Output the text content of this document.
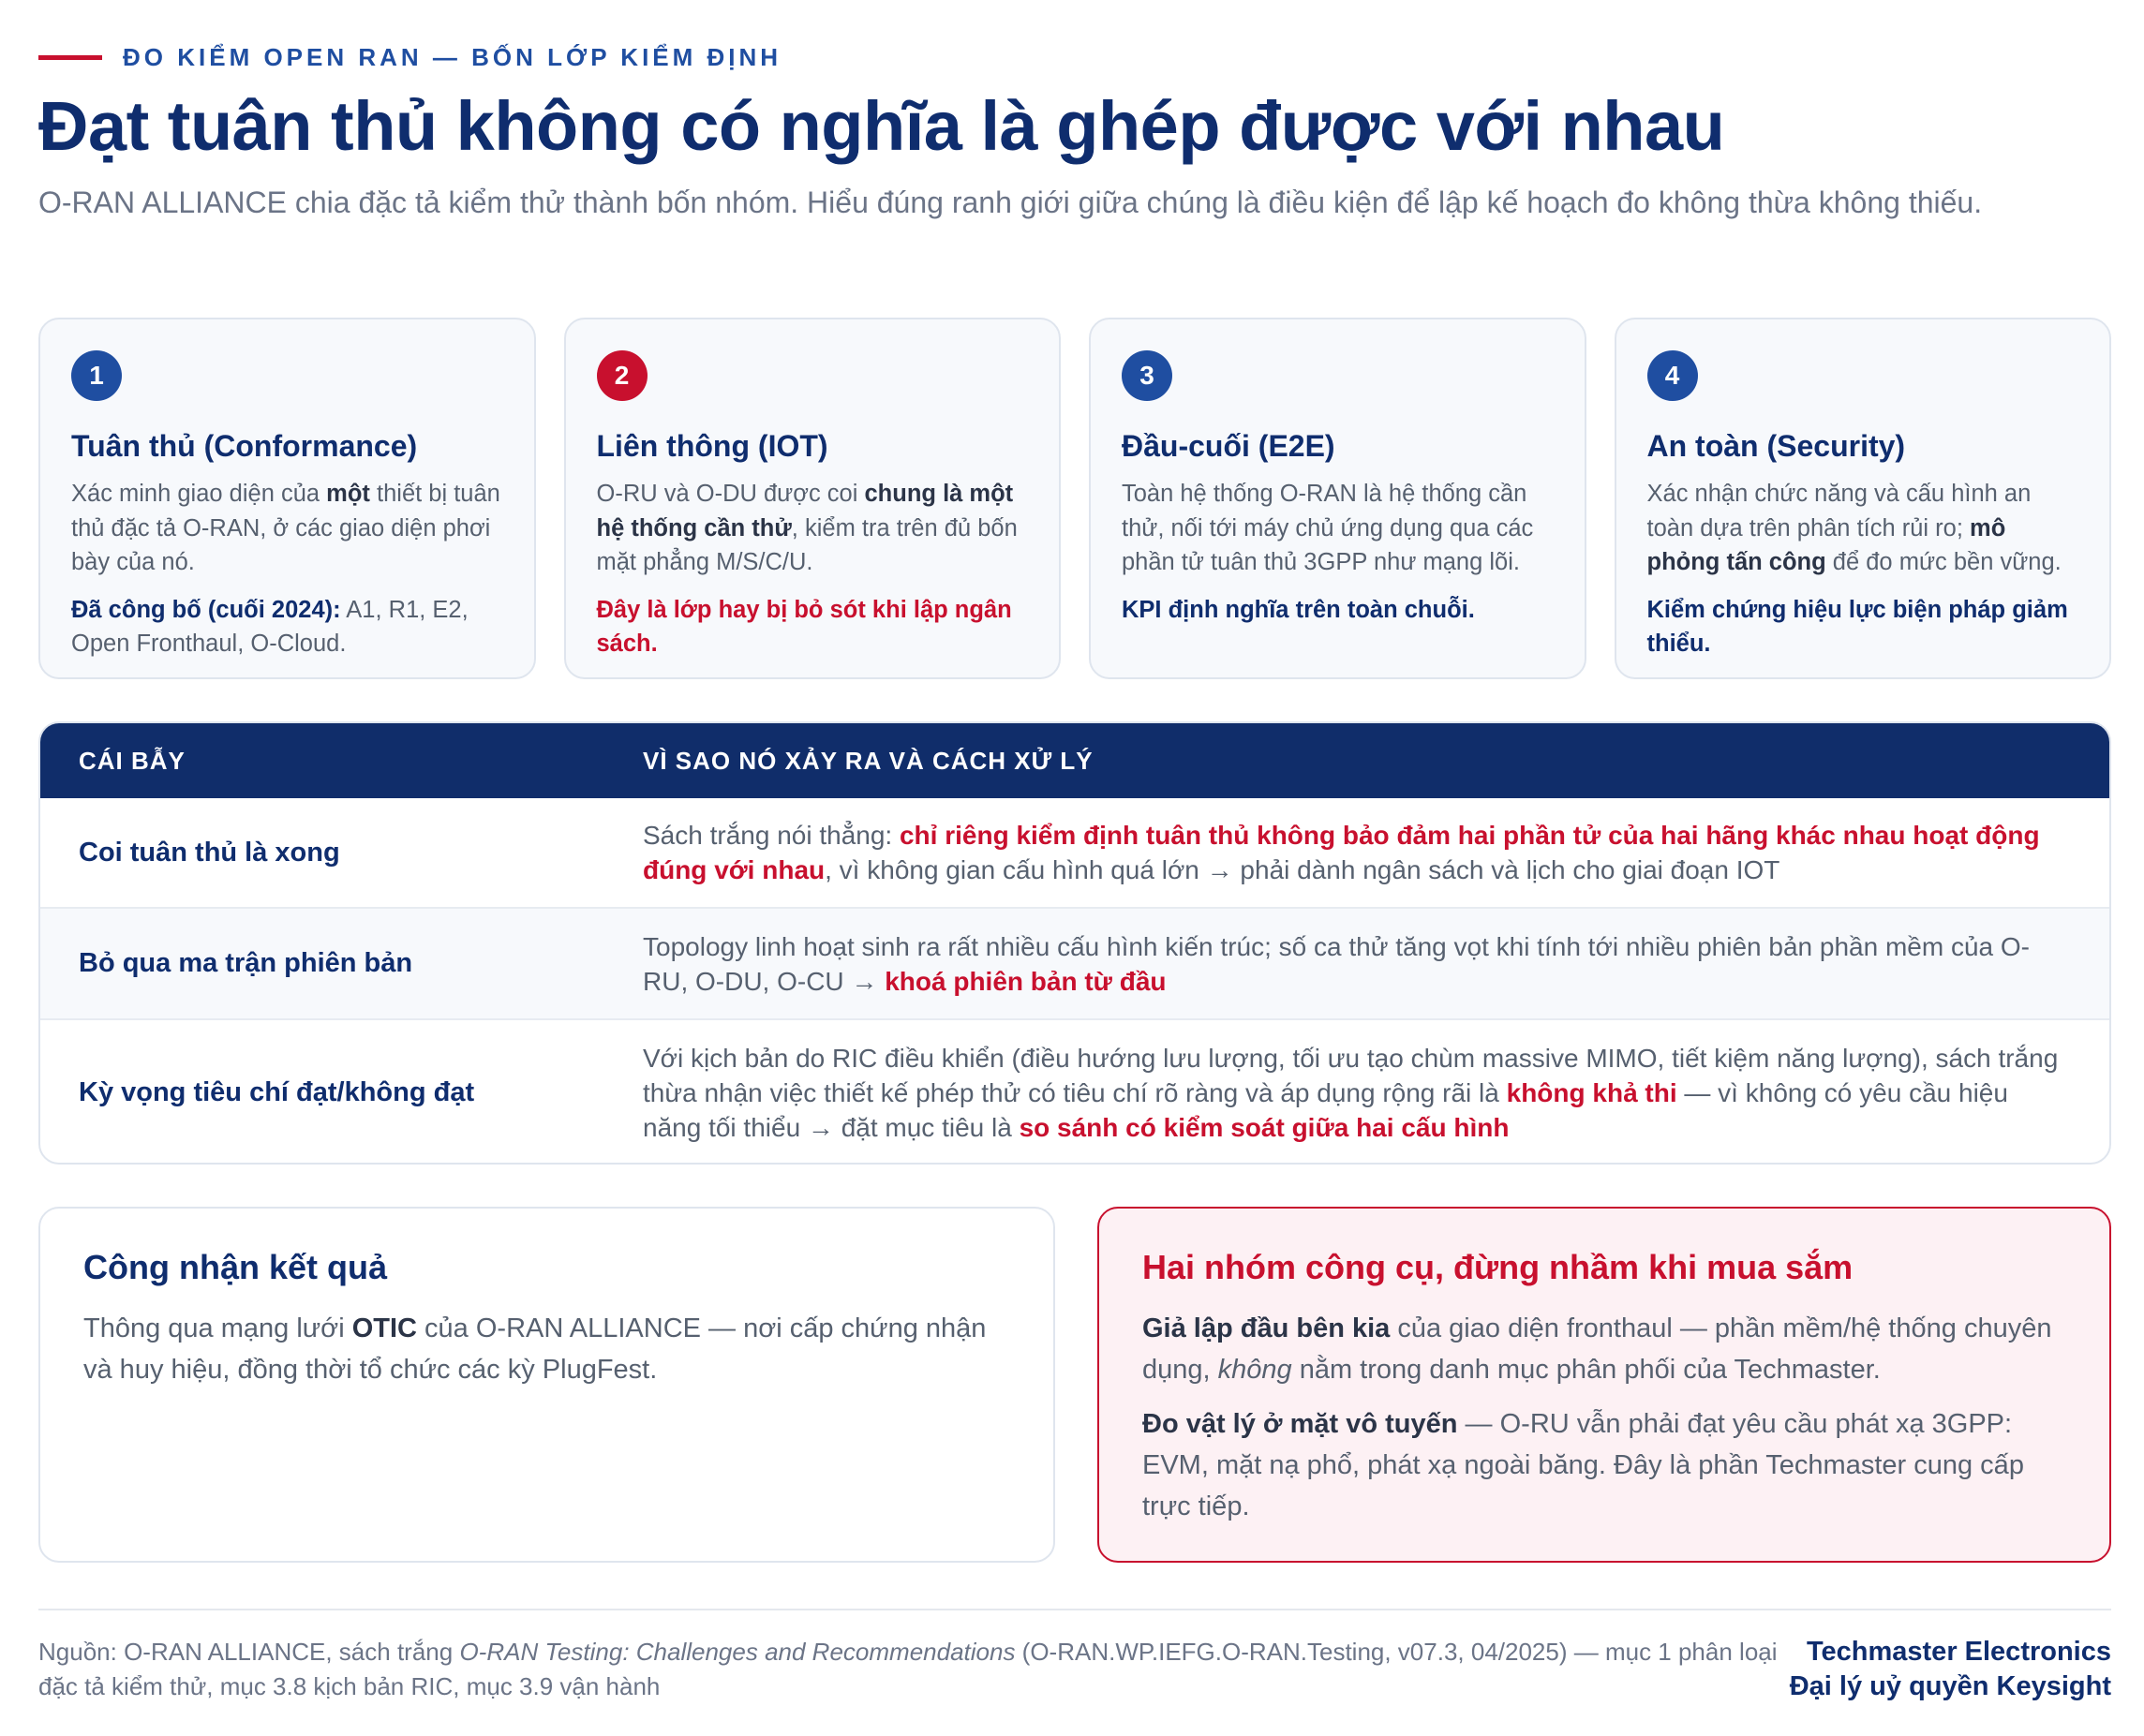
ĐO KIỂM OPEN RAN — BỐN LỚP KIỂM ĐỊNH
Đạt tuân thủ không có nghĩa là ghép được với nhau

O-RAN ALLIANCE chia đặc tả kiểm thử thành bốn nhóm. Hiểu đúng ranh giới giữa chúng là điều kiện để lập kế hoạch đo không thừa không thiếu.

1
Tuân thủ (Conformance)

Xác minh giao diện của một thiết bị tuân thủ đặc tả O-RAN, ở các giao diện phơi bày của nó.

Đã công bố (cuối 2024): A1, R1, E2, Open Fronthaul, O-Cloud.

2
Liên thông (IOT)

O-RU và O-DU được coi chung là một hệ thống cần thử, kiểm tra trên đủ bốn mặt phẳng M/S/C/U.

Đây là lớp hay bị bỏ sót khi lập ngân sách.

3
Đầu-cuối (E2E)

Toàn hệ thống O-RAN là hệ thống cần thử, nối tới máy chủ ứng dụng qua các phần tử tuân thủ 3GPP như mạng lõi.

KPI định nghĩa trên toàn chuỗi.

4
An toàn (Security)

Xác nhận chức năng và cấu hình an toàn dựa trên phân tích rủi ro; mô phỏng tấn công để đo mức bền vững.

Kiểm chứng hiệu lực biện pháp giảm thiểu.

CÁI BẪY	VÌ SAO NÓ XẢY RA VÀ CÁCH XỬ LÝ
Coi tuân thủ là xong
Sách trắng nói thẳng: chỉ riêng kiểm định tuân thủ không bảo đảm hai phần tử của hai hãng khác nhau hoạt động đúng với nhau, vì không gian cấu hình quá lớn → phải dành ngân sách và lịch cho giai đoạn IOT
Bỏ qua ma trận phiên bản
Topology linh hoạt sinh ra rất nhiều cấu hình kiến trúc; số ca thử tăng vọt khi tính tới nhiều phiên bản phần mềm của O-RU, O-DU, O-CU → khoá phiên bản từ đầu
Kỳ vọng tiêu chí đạt/không đạt
Với kịch bản do RIC điều khiển (điều hướng lưu lượng, tối ưu tạo chùm massive MIMO, tiết kiệm năng lượng), sách trắng thừa nhận việc thiết kế phép thử có tiêu chí rõ ràng và áp dụng rộng rãi là không khả thi — vì không có yêu cầu hiệu năng tối thiểu → đặt mục tiêu là so sánh có kiểm soát giữa hai cấu hình
Công nhận kết quả

Thông qua mạng lưới OTIC của O-RAN ALLIANCE — nơi cấp chứng nhận và huy hiệu, đồng thời tổ chức các kỳ PlugFest.

Hai nhóm công cụ, đừng nhầm khi mua sắm

Giả lập đầu bên kia của giao diện fronthaul — phần mềm/hệ thống chuyên dụng, không nằm trong danh mục phân phối của Techmaster.

Đo vật lý ở mặt vô tuyến — O-RU vẫn phải đạt yêu cầu phát xạ 3GPP: EVM, mặt nạ phổ, phát xạ ngoài băng. Đây là phần Techmaster cung cấp trực tiếp.

Nguồn: O-RAN ALLIANCE, sách trắng O-RAN Testing: Challenges and Recommendations (O-RAN.WP.IEFG.O-RAN.Testing, v07.3, 04/2025) — mục 1 phân loại đặc tả kiểm thử, mục 3.8 kịch bản RIC, mục 3.9 vận hành

Techmaster Electronics
Đại lý uỷ quyền Keysight
